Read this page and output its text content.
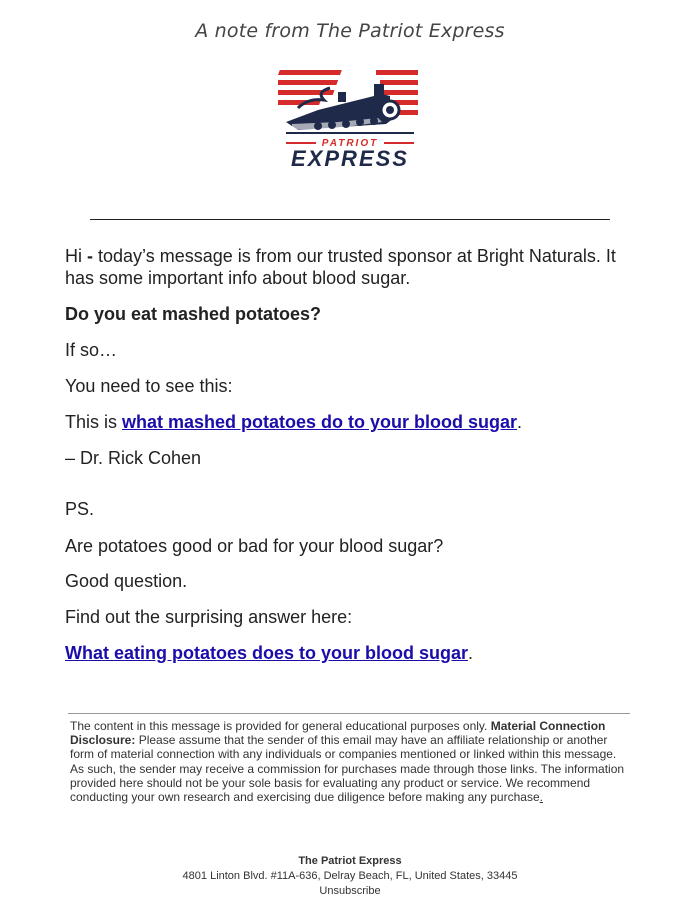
A note from The Patriot Express
PATRIOT
EXPRESS
Hi - today’s message is from our trusted sponsor at Bright Naturals. It has some important info about blood sugar.
Do you eat mashed potatoes?
If so…
You need to see this:
This is what mashed potatoes do to your blood sugar.
– Dr. Rick Cohen
PS.
Are potatoes good or bad for your blood sugar?
Good question.
Find out the surprising answer here:
What eating potatoes does to your blood sugar.
The content in this message is provided for general educational purposes only. Material Connection Disclosure: Please assume that the sender of this email may have an affiliate relationship or another form of material connection with any individuals or companies mentioned or linked within this message. As such, the sender may receive a commission for purchases made through those links. The information provided here should not be your sole basis for evaluating any product or service. We recommend conducting your own research and exercising due diligence before making any purchase.
The Patriot Express
4801 Linton Blvd. #11A-636, Delray Beach, FL, United States, 33445
Unsubscribe
